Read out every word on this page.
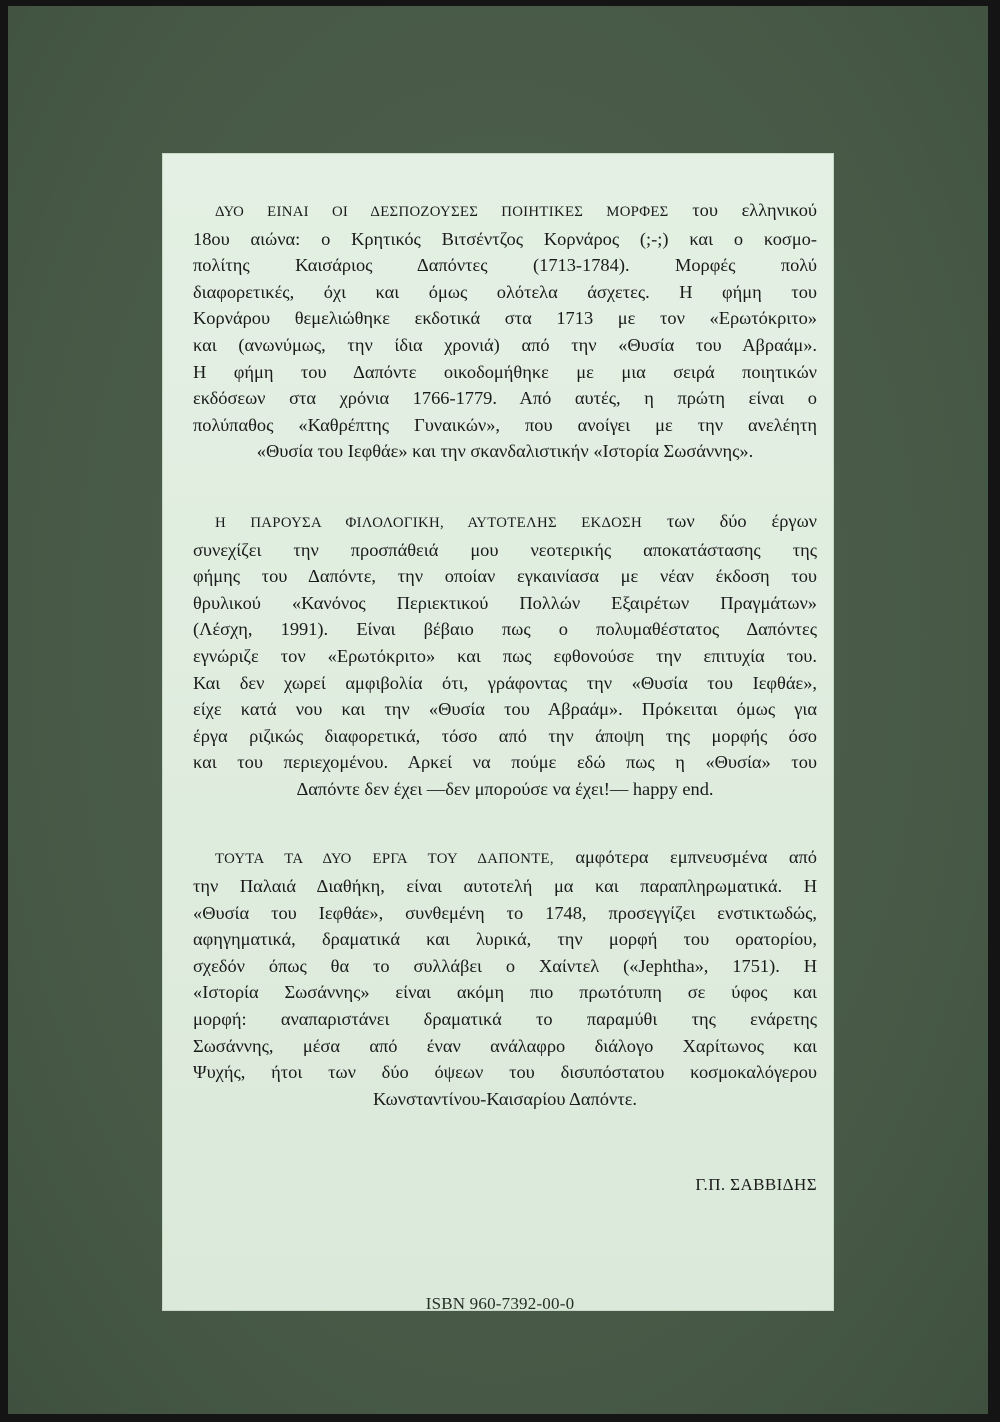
ΔΥΟ ΕΙΝΑΙ ΟΙ ΔΕΣΠΟΖΟΥΣΕΣ ΠΟΙΗΤΙΚΕΣ ΜΟΡΦΕΣ του ελληνικού
18ου αιώνα: ο Κρητικός Βιτσέντζος Κορνάρος (;-;) και ο κοσμο-
πολίτης Καισάριος Δαπόντες (1713-1784). Μορφές πολύ
διαφορετικές, όχι και όμως ολότελα άσχετες. Η φήμη του
Κορνάρου θεμελιώθηκε εκδοτικά στα 1713 με τον «Ερωτόκριτο»
και (ανωνύμως, την ίδια χρονιά) από την «Θυσία του Αβραάμ».
Η φήμη του Δαπόντε οικοδομήθηκε με μια σειρά ποιητικών
εκδόσεων στα χρόνια 1766-1779. Από αυτές, η πρώτη είναι ο
πολύπαθος «Καθρέπτης Γυναικών», που ανοίγει με την ανελέητη
«Θυσία του Ιεφθάε» και την σκανδαλιστικήν «Ιστορία Σωσάννης».

Η ΠΑΡΟΥΣΑ ΦΙΛΟΛΟΓΙΚΗ, ΑΥΤΟΤΕΛΗΣ ΕΚΔΟΣΗ των δύο έργων
συνεχίζει την προσπάθειά μου νεοτερικής αποκατάστασης της
φήμης του Δαπόντε, την οποίαν εγκαινίασα με νέαν έκδοση του
θρυλικού «Κανόνος Περιεκτικού Πολλών Εξαιρέτων Πραγμάτων»
(Λέσχη, 1991). Είναι βέβαιο πως ο πολυμαθέστατος Δαπόντες
εγνώριζε τον «Ερωτόκριτο» και πως εφθονούσε την επιτυχία του.
Και δεν χωρεί αμφιβολία ότι, γράφοντας την «Θυσία του Ιεφθάε»,
είχε κατά νου και την «Θυσία του Αβραάμ». Πρόκειται όμως για
έργα ριζικώς διαφορετικά, τόσο από την άποψη της μορφής όσο
και του περιεχομένου. Αρκεί να πούμε εδώ πως η «Θυσία» του
Δαπόντε δεν έχει —δεν μπορούσε να έχει!— happy end.

ΤΟΥΤΑ ΤΑ ΔΥΟ ΕΡΓΑ ΤΟΥ ΔΑΠΟΝΤΕ, αμφότερα εμπνευσμένα από
την Παλαιά Διαθήκη, είναι αυτοτελή μα και παραπληρωματικά. Η
«Θυσία του Ιεφθάε», συνθεμένη το 1748, προσεγγίζει ενστικτωδώς,
αφηγηματικά, δραματικά και λυρικά, την μορφή του ορατορίου,
σχεδόν όπως θα το συλλάβει ο Χαίντελ («Jephtha», 1751). Η
«Ιστορία Σωσάννης» είναι ακόμη πιο πρωτότυπη σε ύφος και
μορφή: αναπαριστάνει δραματικά το παραμύθι της ενάρετης
Σωσάννης, μέσα από έναν ανάλαφρο διάλογο Χαρίτωνος και
Ψυχής, ήτοι των δύο όψεων του δισυπόστατου κοσμοκαλόγερου
Κωνσταντίνου-Καισαρίου Δαπόντε.

Γ.Π. ΣΑΒΒΙΔΗΣ
ISBN 960-7392-00-0
